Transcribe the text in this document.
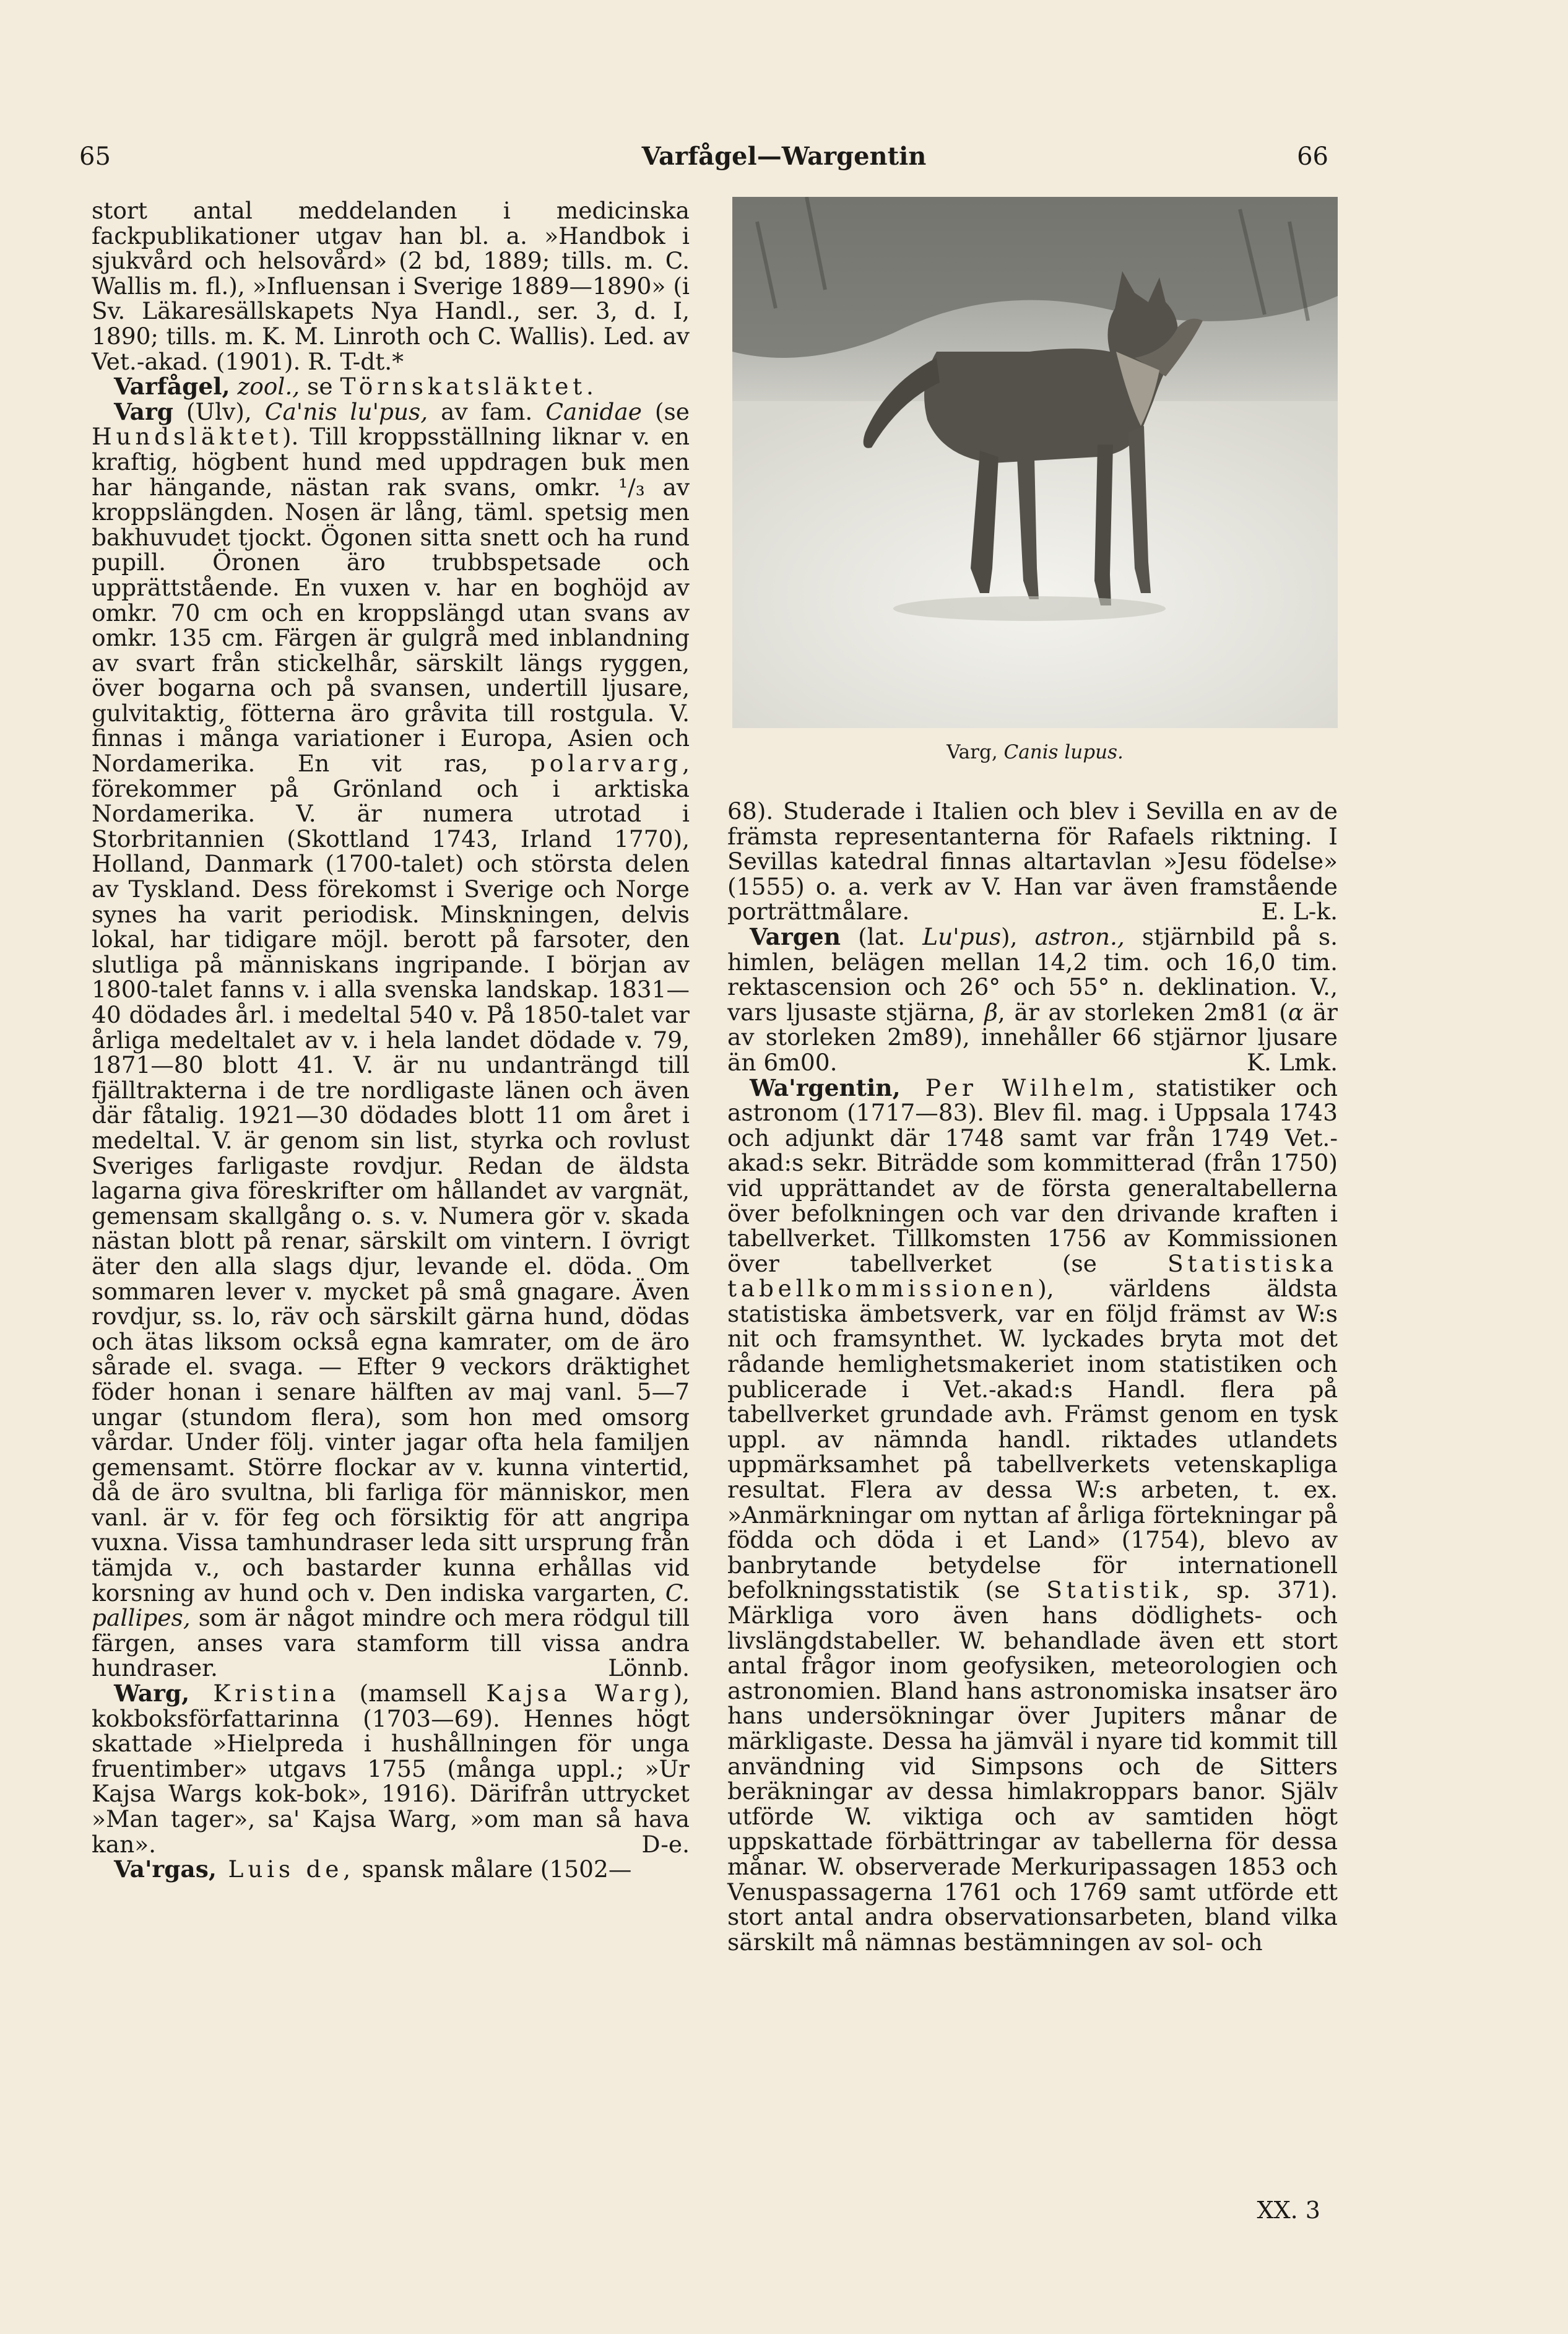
65	Varfågel—Wargentin	66

stort antal meddelanden i medicinska fackpublikationer utgav han bl. a. »Handbok i sjukvård och helsovård» (2 bd, 1889; tills. m. C. Wallis m. fl.), »Influensan i Sverige 1889—1890» (i Sv. Läkaresällskapets Nya Handl., ser. 3, d. I, 1890; tills. m. K. M. Linroth och C. Wallis). Led. av Vet.-akad. (1901). R. T-dt.*

Varfågel, zool., se Törnskatsläktet.

Varg (Ulv), Ca'nis lu'pus, av fam. Canidae (se Hundsläktet). Till kroppsställning liknar v. en kraftig, högbent hund med uppdragen buk men har hängande, nästan rak svans, omkr. ¹/₃ av kroppslängden. Nosen är lång, täml. spetsig men bakhuvudet tjockt. Ögonen sitta snett och ha rund pupill. Öronen äro trubbspetsade och upprättstående. En vuxen v. har en boghöjd av omkr. 70 cm och en kroppslängd utan svans av omkr. 135 cm. Färgen är gulgrå med inblandning av svart från stickelhår, särskilt längs ryggen, över bogarna och på svansen, undertill ljusare, gulvitaktig, fötterna äro gråvita till rostgula. V. finnas i många variationer i Europa, Asien och Nordamerika. En vit ras, polarvarg, förekommer på Grönland och i arktiska Nordamerika. V. är numera utrotad i Storbritannien (Skottland 1743, Irland 1770), Holland, Danmark (1700-talet) och största delen av Tyskland. Dess förekomst i Sverige och Norge synes ha varit periodisk. Minskningen, delvis lokal, har tidigare möjl. berott på farsoter, den slutliga på människans ingripande. I början av 1800-talet fanns v. i alla svenska landskap. 1831—40 dödades årl. i medeltal 540 v. På 1850-talet var årliga medeltalet av v. i hela landet dödade v. 79, 1871—80 blott 41. V. är nu undanträngd till fjälltrakterna i de tre nordligaste länen och även där fåtalig. 1921—30 dödades blott 11 om året i medeltal. V. är genom sin list, styrka och rovlust Sveriges farligaste rovdjur. Redan de äldsta lagarna giva föreskrifter om hållandet av vargnät, gemensam skallgång o. s. v. Numera gör v. skada nästan blott på renar, särskilt om vintern. I övrigt äter den alla slags djur, levande el. döda. Om sommaren lever v. mycket på små gnagare. Även rovdjur, ss. lo, räv och särskilt gärna hund, dödas och ätas liksom också egna kamrater, om de äro sårade el. svaga. — Efter 9 veckors dräktighet föder honan i senare hälften av maj vanl. 5—7 ungar (stundom flera), som hon med omsorg vårdar. Under följ. vinter jagar ofta hela familjen gemensamt. Större flockar av v. kunna vintertid, då de äro svultna, bli farliga för människor, men vanl. är v. för feg och försiktig för att angripa vuxna. Vissa tamhundraser leda sitt ursprung från tämjda v., och bastarder kunna erhållas vid korsning av hund och v. Den indiska vargarten, C. pallipes, som är något mindre och mera rödgul till färgen, anses vara stamform till vissa andra hundraser.	Lönnb.

Warg, Kristina (mamsell Kajsa Warg), kokboksförfattarinna (1703—69). Hennes högt skattade »Hielpreda i hushållningen för unga fruentimber» utgavs 1755 (många uppl.; »Ur Kajsa Wargs kok-bok», 1916). Därifrån uttrycket »Man tager», sa' Kajsa Warg, »om man så hava kan».	D-e.

Va'rgas, Luis de, spansk målare (1502—

Varg, Canis lupus.

68). Studerade i Italien och blev i Sevilla en av de främsta representanterna för Rafaels riktning. I Sevillas katedral finnas altartavlan »Jesu födelse» (1555) o. a. verk av V. Han var även framstående porträttmålare.	E. L-k.

Vargen (lat. Lu'pus), astron., stjärnbild på s. himlen, belägen mellan 14,2 tim. och 16,0 tim. rektascension och 26° och 55° n. deklination. V., vars ljusaste stjärna, β, är av storleken 2m81 (α är av storleken 2m89), innehåller 66 stjärnor ljusare än 6m00.	K. Lmk.

Wa'rgentin, Per Wilhelm, statistiker och astronom (1717—83). Blev fil. mag. i Uppsala 1743 och adjunkt där 1748 samt var från 1749 Vet.-akad:s sekr. Biträdde som kommitterad (från 1750) vid upprättandet av de första generaltabellerna över befolkningen och var den drivande kraften i tabellverket. Tillkomsten 1756 av Kommissionen över tabellverket (se Statistiska tabellkommissionen), världens äldsta statistiska ämbetsverk, var en följd främst av W:s nit och framsynthet. W. lyckades bryta mot det rådande hemlighetsmakeriet inom statistiken och publicerade i Vet.-akad:s Handl. flera på tabellverket grundade avh. Främst genom en tysk uppl. av nämnda handl. riktades utlandets uppmärksamhet på tabellverkets vetenskapliga resultat. Flera av dessa W:s arbeten, t. ex. »Anmärkningar om nyttan af årliga förtekningar på födda och döda i et Land» (1754), blevo av banbrytande betydelse för internationell befolkningsstatistik (se Statistik, sp. 371). Märkliga voro även hans dödlighets- och livslängdstabeller. W. behandlade även ett stort antal frågor inom geofysiken, meteorologien och astronomien. Bland hans astronomiska insatser äro hans undersökningar över Jupiters månar de märkligaste. Dessa ha jämväl i nyare tid kommit till användning vid Simpsons och de Sitters beräkningar av dessa himlakroppars banor. Själv utförde W. viktiga och av samtiden högt uppskattade förbättringar av tabellerna för dessa månar. W. observerade Merkuripassagen 1853 och Venuspassagerna 1761 och 1769 samt utförde ett stort antal andra observationsarbeten, bland vilka särskilt må nämnas bestämningen av sol- och

XX. 3
